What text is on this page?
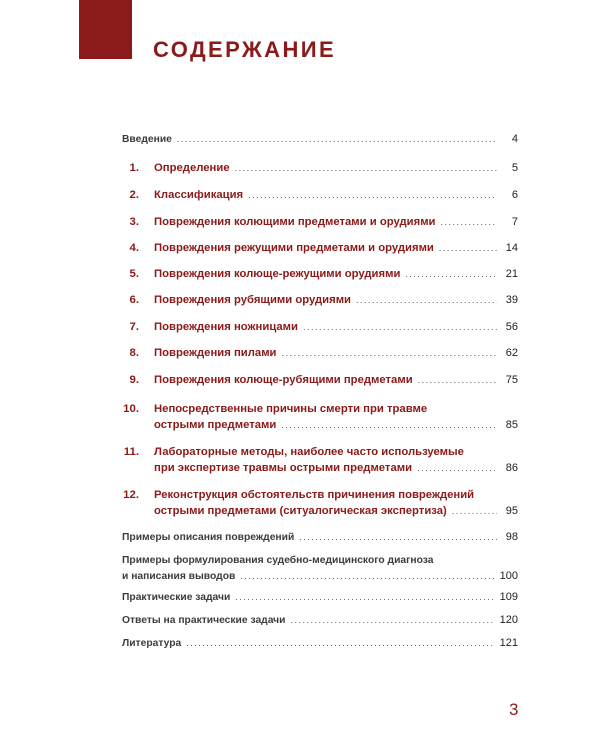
СОДЕРЖАНИЕ
Введение . . .	4
1. Определение . . .	5
2. Классификация . . .	6
3. Повреждения колющими предметами и орудиями . . .	7
4. Повреждения режущими предметами и орудиями . . .	14
5. Повреждения колюще-режущими орудиями . . .	21
6. Повреждения рубящими орудиями . . .	39
7. Повреждения ножницами . . .	56
8. Повреждения пилами . . .	62
9. Повреждения колюще-рубящими предметами . . .	75
10. Непосредственные причины смерти при травме
острыми предметами . . .	85
11. Лабораторные методы, наиболее часто используемые
при экспертизе травмы острыми предметами . . .	86
12. Реконструкция обстоятельств причинения повреждений
острыми предметами (ситуалогическая экспертиза) . . .	95
Примеры описания повреждений . . .	98
Примеры формулирования судебно-медицинского диагноза
и написания выводов . . .	100
Практические задачи . . .	109
Ответы на практические задачи . . .	120
Литература . . .	121
3
